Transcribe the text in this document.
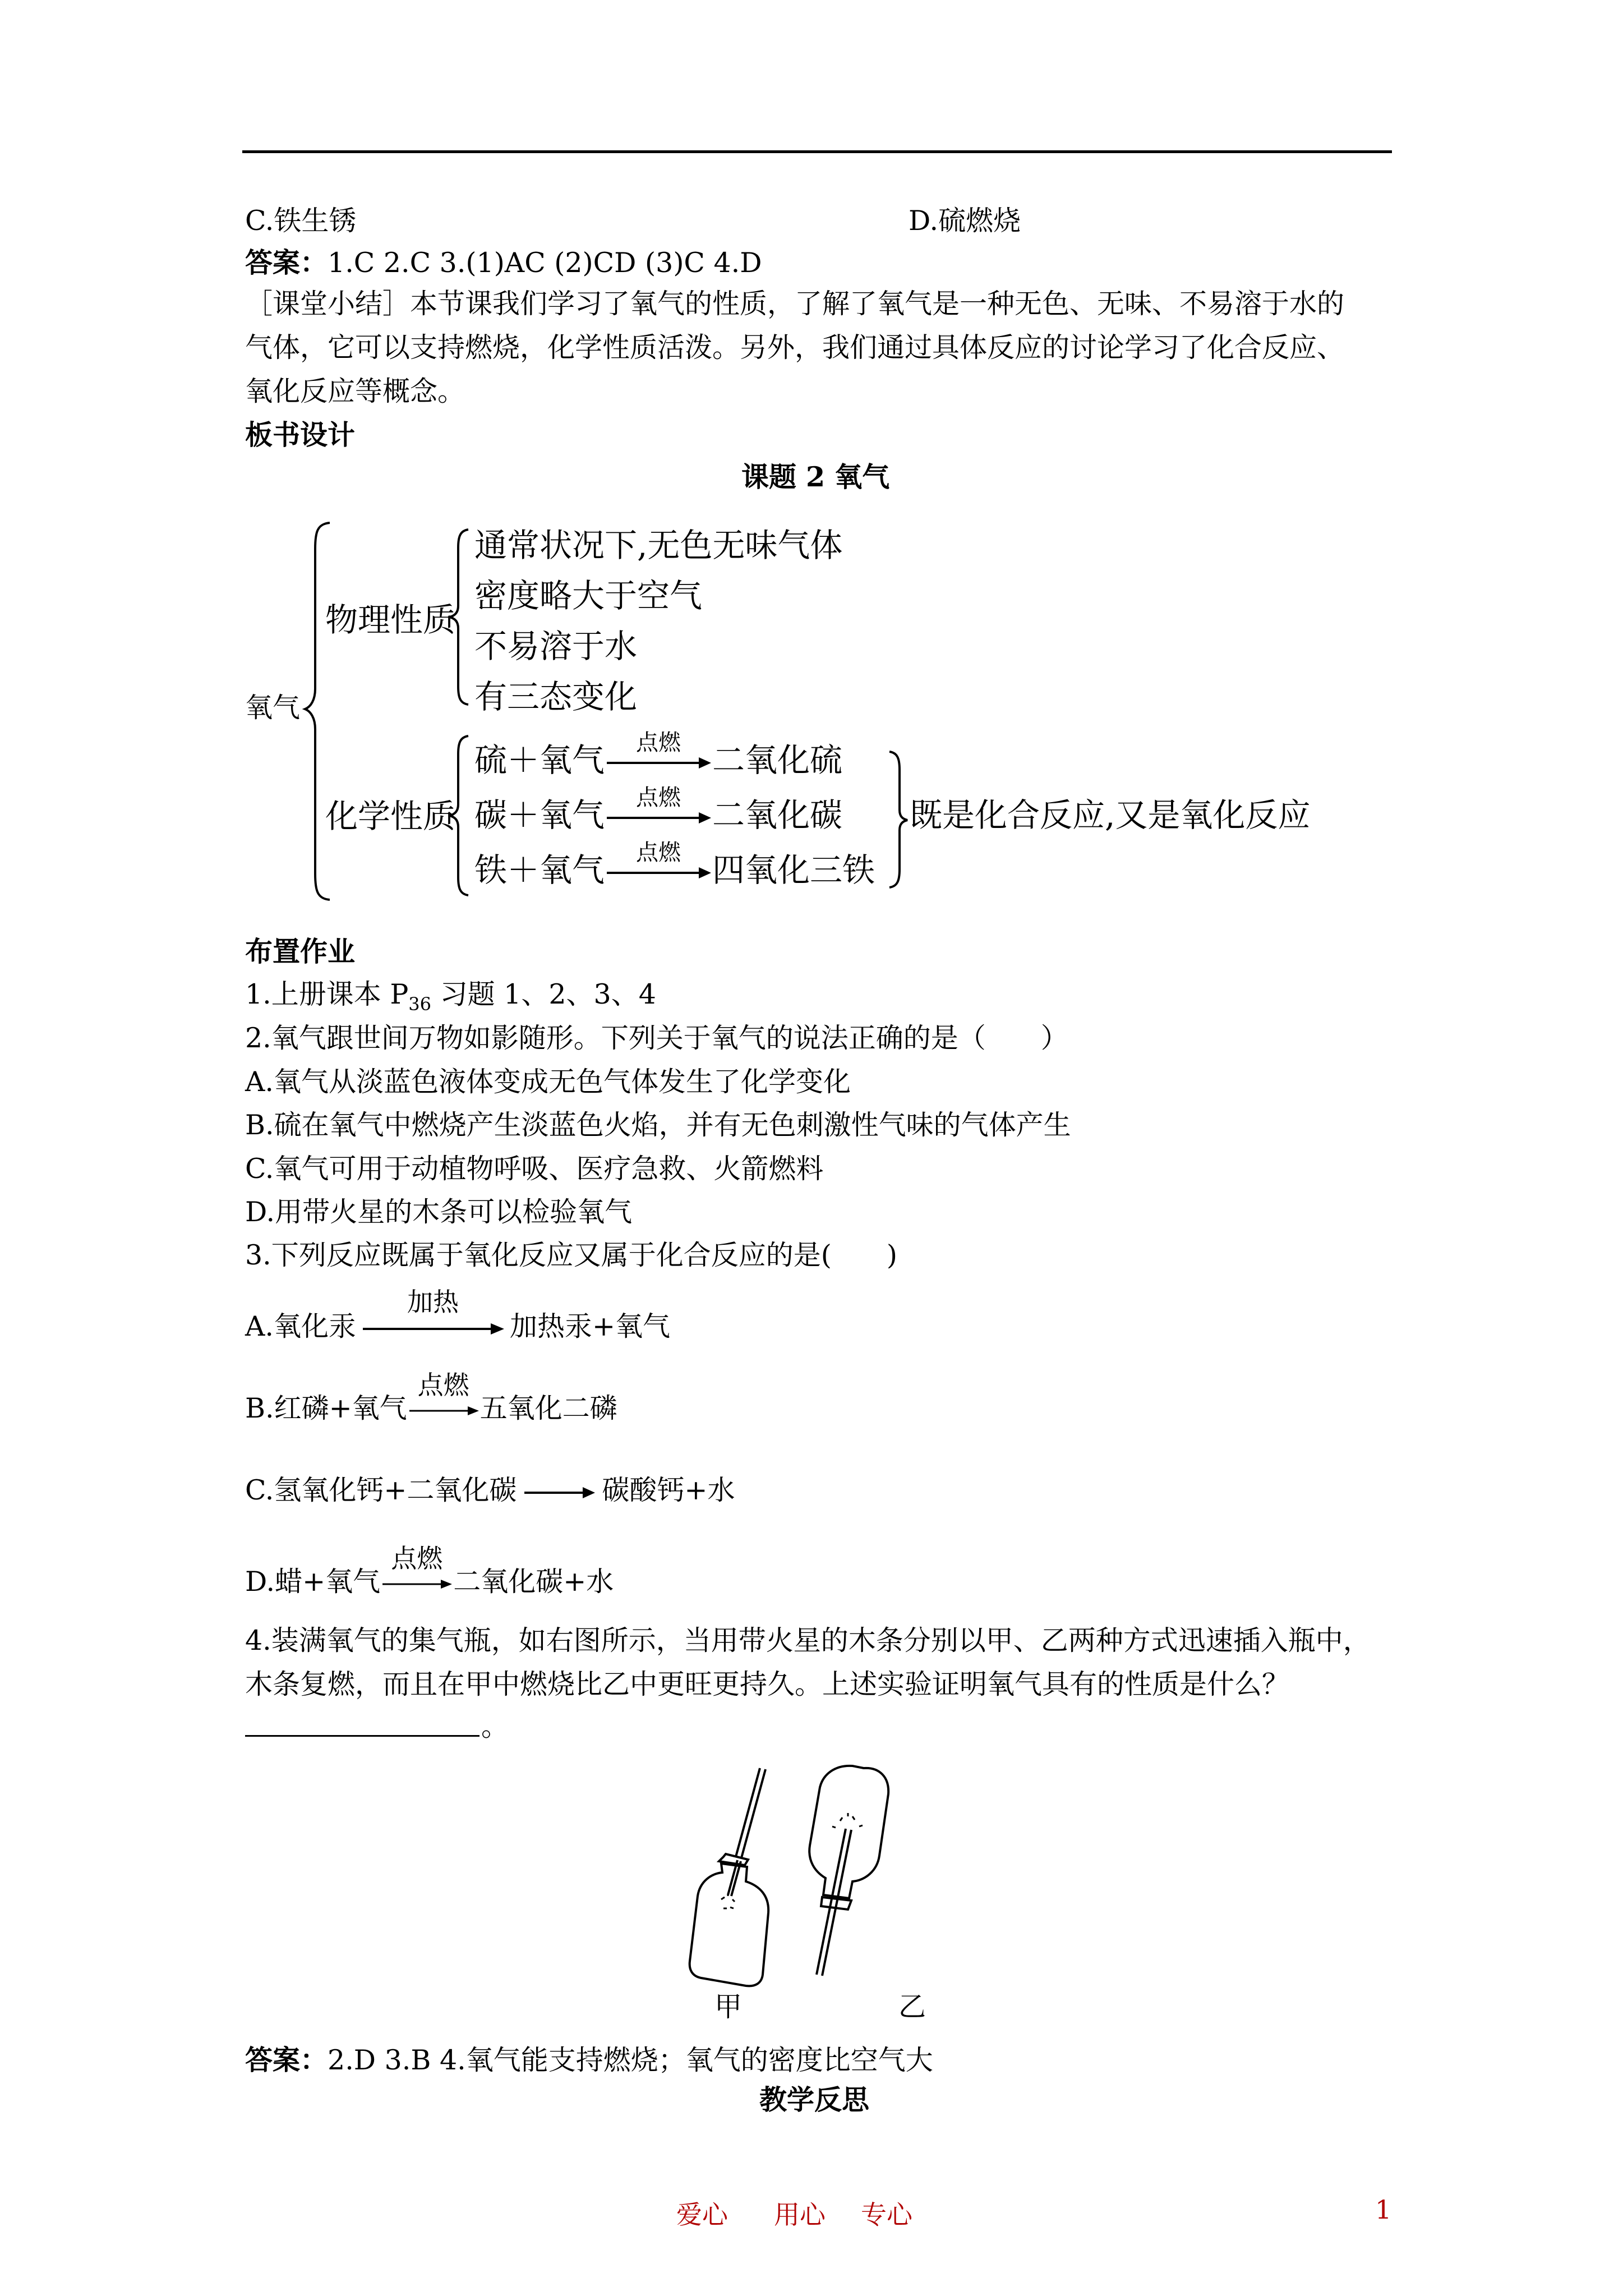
C.铁生锈	D.硫燃烧
答案：1.C 2.C 3.(1)AC (2)CD (3)C 4.D
［课堂小结］本节课我们学习了氧气的性质，了解了氧气是一种无色、无味、不易溶于水的
气体，它可以支持燃烧，化学性质活泼。另外，我们通过具体反应的讨论学习了化合反应、
氧化反应等概念。
板书设计
课题 2 氧气
氧气
物理性质
通常状况下,无色无味气体
密度略大于空气
不易溶于水
有三态变化
化学性质
硫＋氧气	点燃 二氧化硫
碳＋氧气	点燃 二氧化碳
铁＋氧气	点燃 四氧化三铁
既是化合反应,又是氧化反应
布置作业
1.上册课本 $P_{36}$ 习题 1、2、3、4
2.氧气跟世间万物如影随形。下列关于氧气的说法正确的是（　　）
A.氧气从淡蓝色液体变成无色气体发生了化学变化
B.硫在氧气中燃烧产生淡蓝色火焰，并有无色刺激性气味的气体产生
C.氧气可用于动植物呼吸、医疗急救、火箭燃料
D.用带火星的木条可以检验氧气
3.下列反应既属于氧化反应又属于化合反应的是(　　)
A.氧化汞
加热
加热汞+氧气
B.红磷+氧气
点燃
五氧化二磷
C.氢氧化钙+二氧化碳	碳酸钙+水
D.蜡+氧气
点燃
二氧化碳+水
4.装满氧气的集气瓶，如右图所示，当用带火星的木条分别以甲、乙两种方式迅速插入瓶中，
木条复燃，而且在甲中燃烧比乙中更旺更持久。上述实验证明氧气具有的性质是什么？
。
甲	乙
答案：2.D 3.B 4.氧气能支持燃烧；氧气的密度比空气大
教学反思
爱心 用心 专心	1
